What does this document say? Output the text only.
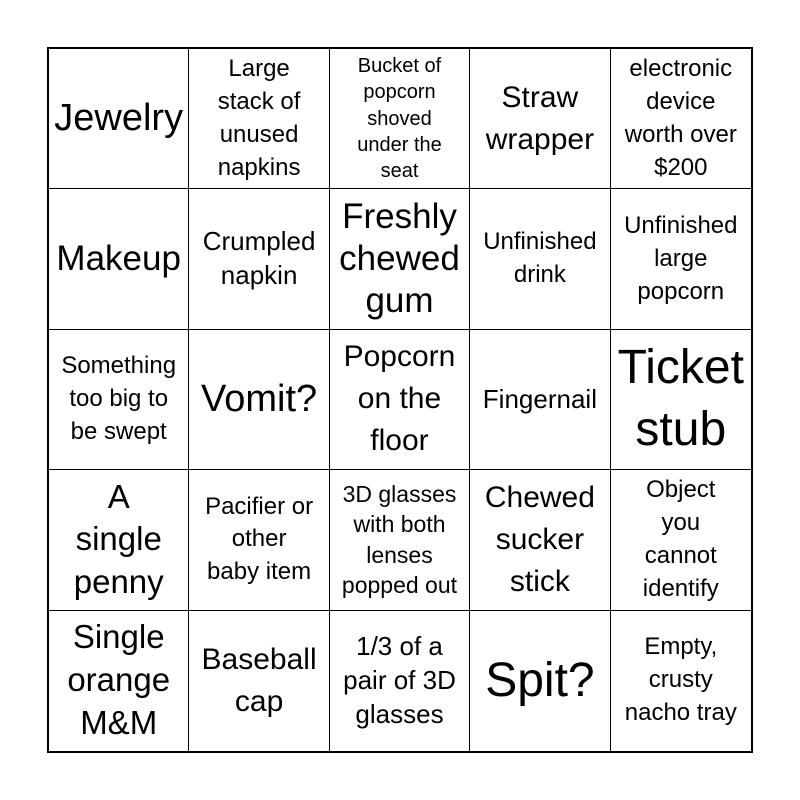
Jewelry
Large
stack of
unused
napkins
Bucket of
popcorn
shoved
under the
seat
Straw
wrapper
electronic
device
worth over
$200
Makeup Crumpled
napkin
Freshly
chewed
gum
Unfinished
drink
Unfinished
large
popcorn
Something
too big to
be swept
Vomit?
Popcorn
on the
floor
Fingernail
Ticket
stub
A
single
penny
Pacifier or
other
baby item
3D glasses
with both
lenses
popped out
Chewed
sucker
stick
Object
you
cannot
identify
Single
orange
M&M
Baseball
cap
1/3 of a
pair of 3D
glasses
Spit?
Empty,
crusty
nacho tray
